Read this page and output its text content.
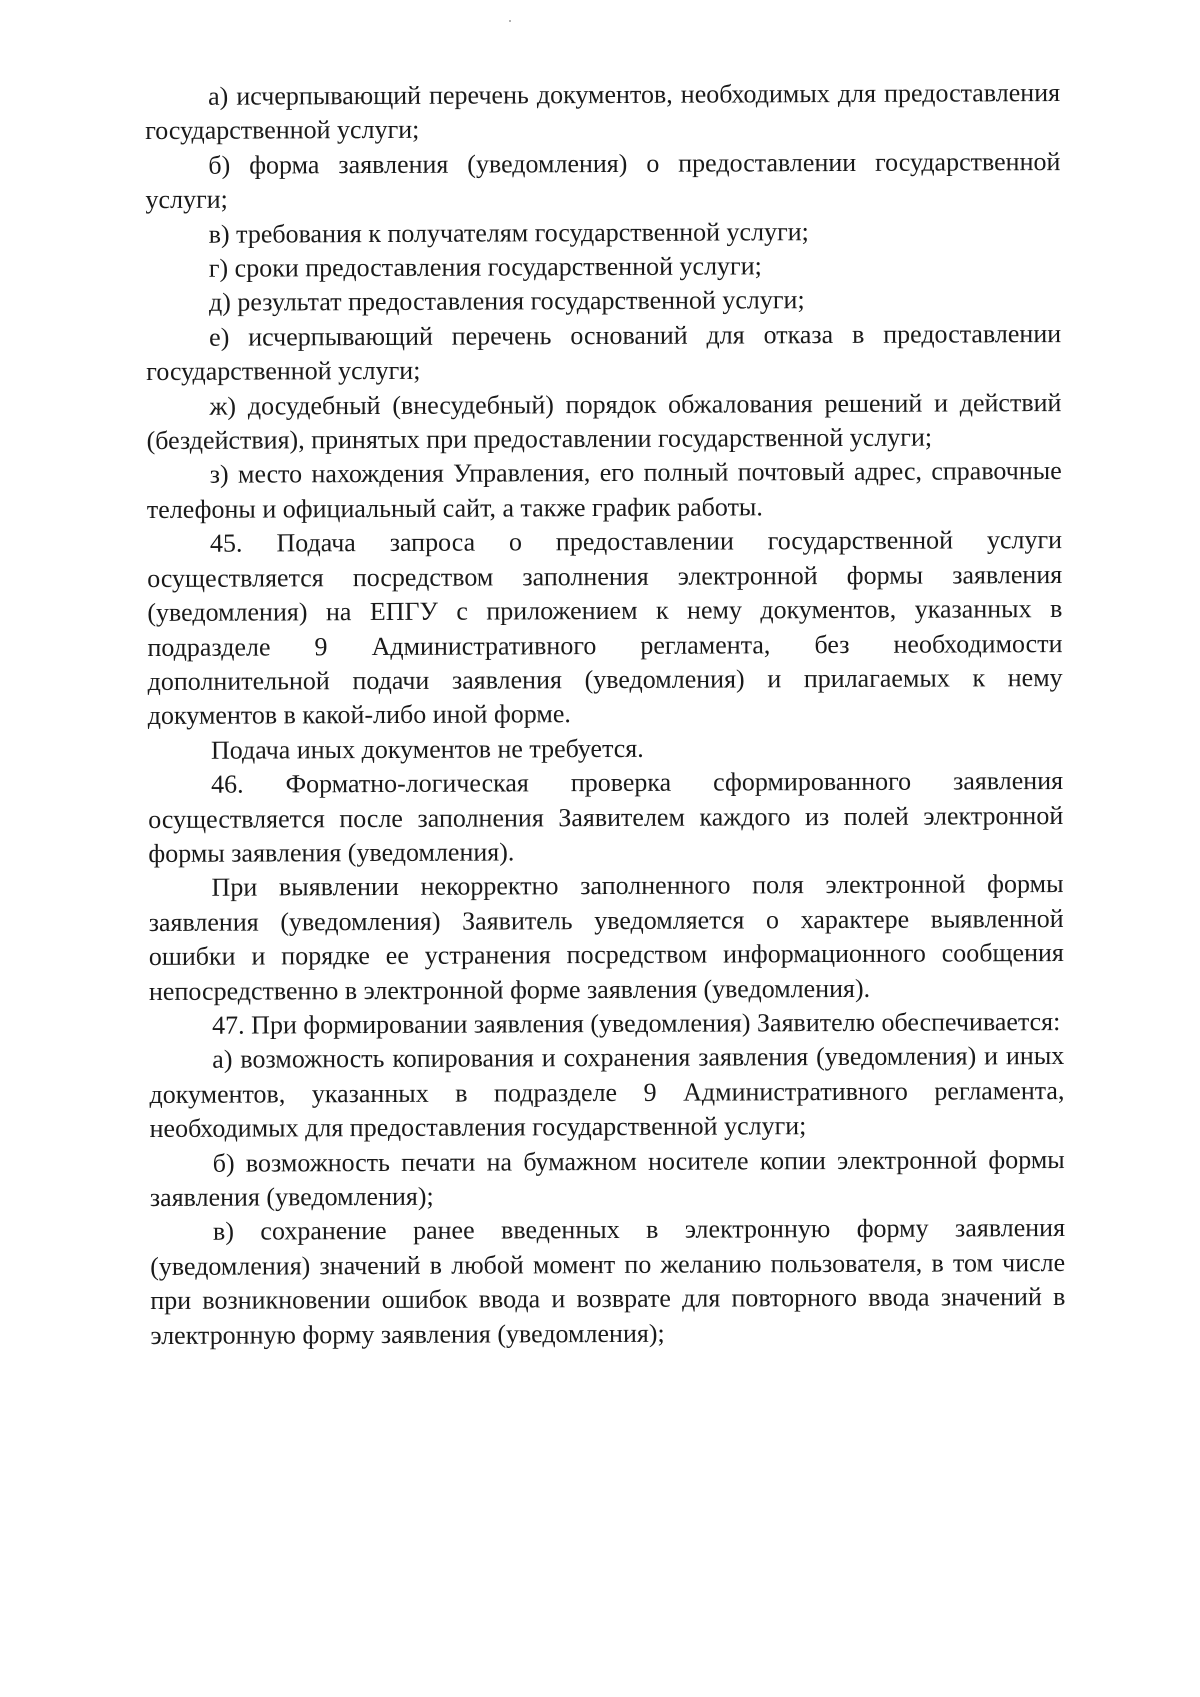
а) исчерпывающий перечень документов, необходимых для предоставления государственной услуги;

б) форма заявления (уведомления) о предоставлении государственной услуги;

в) требования к получателям государственной услуги;

г) сроки предоставления государственной услуги;

д) результат предоставления государственной услуги;

е) исчерпывающий перечень оснований для отказа в предоставлении государственной услуги;

ж) досудебный (внесудебный) порядок обжалования решений и действий (бездействия), принятых при предоставлении государственной услуги;

з) место нахождения Управления, его полный почтовый адрес, справочные телефоны и официальный сайт, а также график работы.

45. Подача запроса о предоставлении государственной услуги осуществляется посредством заполнения электронной формы заявления (уведомления) на ЕПГУ с приложением к нему документов, указанных в подразделе 9 Административного регламента, без необходимости дополнительной подачи заявления (уведомления) и прилагаемых к нему документов в какой-либо иной форме.

Подача иных документов не требуется.

46. Форматно-логическая проверка сформированного заявления осуществляется после заполнения Заявителем каждого из полей электронной формы заявления (уведомления).

При выявлении некорректно заполненного поля электронной формы заявления (уведомления) Заявитель уведомляется о характере выявленной ошибки и порядке ее устранения посредством информационного сообщения непосредственно в электронной форме заявления (уведомления).

47. При формировании заявления (уведомления) Заявителю обеспечивается:

а) возможность копирования и сохранения заявления (уведомления) и иных документов, указанных в подразделе 9 Административного регламента, необходимых для предоставления государственной услуги;

б) возможность печати на бумажном носителе копии электронной формы заявления (уведомления);

в) сохранение ранее введенных в электронную форму заявления (уведомления) значений в любой момент по желанию пользователя, в том числе при возникновении ошибок ввода и возврате для повторного ввода значений в электронную форму заявления (уведомления);
